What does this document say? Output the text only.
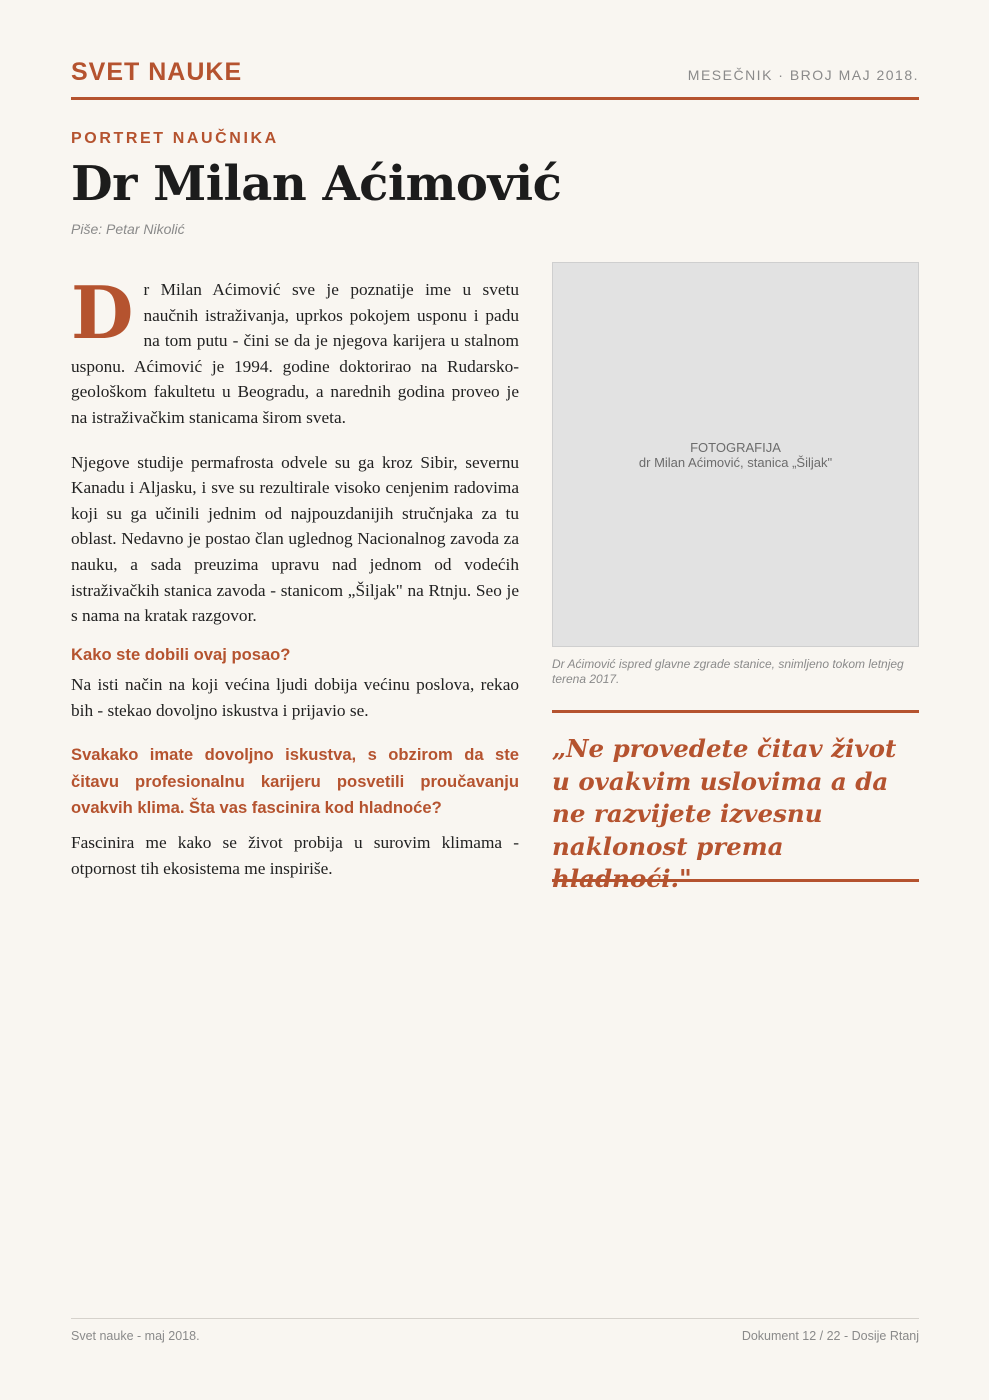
SVET NAUKE	MESEČNIK · BROJ MAJ 2018.
PORTRET NAUČNIKA
Dr Milan Aćimović
Piše: Petar Nikolić

Dr Milan Aćimović sve je poznatije ime u svetu naučnih istraživanja, uprkos pokojem usponu i padu na tom putu - čini se da je njegova karijera u stalnom usponu. Aćimović je 1994. godine doktorirao na Rudarsko-geološkom fakultetu u Beogradu, a narednih godina proveo je na istraživačkim stanicama širom sveta.

Njegove studije permafrosta odvele su ga kroz Sibir, severnu Kanadu i Aljasku, i sve su rezultirale visoko cenjenim radovima koji su ga učinili jednim od najpouzdanijih stručnjaka za tu oblast. Nedavno je postao član uglednog Nacionalnog zavoda za nauku, a sada preuzima upravu nad jednom od vodećih istraživačkih stanica zavoda - stanicom „Šiljak" na Rtnju. Seo je s nama na kratak razgovor.

Kako ste dobili ovaj posao?

Na isti način na koji većina ljudi dobija većinu poslova, rekao bih - stekao dovoljno iskustva i prijavio se.

Svakako imate dovoljno iskustva, s obzirom da ste čitavu profesionalnu karijeru posvetili proučavanju ovakvih klima. Šta vas fascinira kod hladnoće?

Fascinira me kako se život probija u surovim klimama - otpornost tih ekosistema me inspiriše.

FOTOGRAFIJA
dr Milan Aćimović, stanica „Šiljak"
Dr Aćimović ispred glavne zgrade stanice, snimljeno tokom letnjeg terena 2017.
„Ne provedete čitav život u ovakvim uslovima a da ne razvijete izvesnu naklonost prema hladnoći."
Svet nauke - maj 2018.	Dokument 12 / 22 - Dosije Rtanj
